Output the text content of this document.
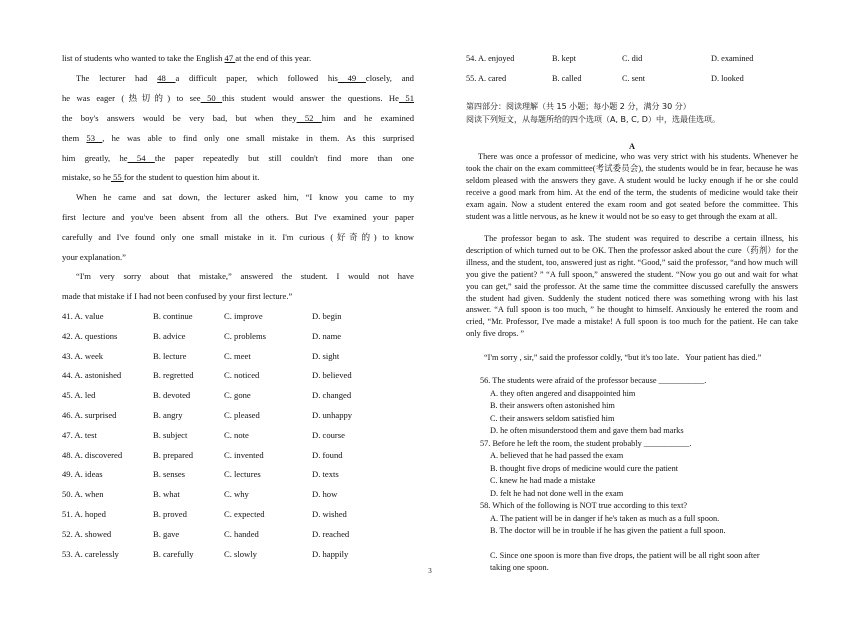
list of students who wanted to take the English 47 at the end of this year.
The lecturer had 48 a difficult paper, which followed his 49 closely, and
he was eager (热切的) to see 50 this student would answer the questions. He 51
the boy's answers would be very bad, but when they 52 him and he examined
them 53 , he was able to find only one small mistake in them. As this surprised
him greatly, he 54 the paper repeatedly but still couldn't find more than one
mistake, so he 55 for the student to question him about it.
When he came and sat down, the lecturer asked him, “I know you came to my
first lecture and you've been absent from all the others. But I've examined your paper
carefully and I've found only one small mistake in it. I'm curious (好奇的) to know
your explanation.”
“I'm very sorry about that mistake,” answered the student. I would not have
made that mistake if I had not been confused by your first lecture.”
41. A. value	B. continue	C. improve	D. begin
42. A. questions	B. advice	C. problems	D. name
43. A. week	B. lecture	C. meet	D. sight
44. A. astonished	B. regretted	C. noticed	D. believed
45. A. led	B. devoted	C. gone	D. changed
46. A. surprised	B. angry	C. pleased	D. unhappy
47. A. test	B. subject	C. note	D. course
48. A. discovered	B. prepared	C. invented	D. found
49. A. ideas	B. senses	C. lectures	D. texts
50. A. when	B. what	C. why	D. how
51. A. hoped	B. proved	C. expected	D. wished
52. A. showed	B. gave	C. handed	D. reached
53. A. carelessly	B. carefully	C. slowly	D. happily
54. A. enjoyed	B. kept	C. did	D. examined
55. A. cared	B. called	C. sent	D. looked
第四部分：阅读理解（共 15 小题；每小题 2 分，满分 30 分）
阅读下列短文，从每题所给的四个选项（A, B, C, D）中，选最佳选项。
A
There was once a professor of medicine, who was very strict with his students. Whenever he took the chair on the exam committee(考试委员会), the students would be in fear, because he was seldom pleased with the answers they gave. A student would be lucky enough if he or she could receive a good mark from him. At the end of the term, the students of medicine would take their exam again. Now a student entered the exam room and got seated before the committee. This student was a little nervous, as he knew it would not be so easy to get through the exam at all.
The professor began to ask. The student was required to describe a certain illness, his description of which turned out to be OK. Then the professor asked about the cure（药剂）for the illness, and the student, too, answered just as right. “Good,” said the professor, “and how much will you give the patient? ” “A full spoon,” answered the student. “Now you go out and wait for what you can get,” said the professor. At the same time the committee discussed carefully the answers the student had given. Suddenly the student noticed there was something wrong with his last answer. “A full spoon is too much, ” he thought to himself. Anxiously he entered the room and cried, “Mr. Professor, I've made a mistake! A full spoon is too much for the patient. He can take only five drops. ”
“I'm sorry , sir,” said the professor coldly, “but it's too late．Your patient has died.”
56. The students were afraid of the professor because ___________.
A. they often angered and disappointed him
B. their answers often astonished him
C. their answers seldom satisfied him
D. he often misunderstood them and gave them bad marks
57. Before he left the room, the student probably ___________.
A. believed that he had passed the exam
B. thought five drops of medicine would cure the patient
C. knew he had made a mistake
D. felt he had not done well in the exam
58. Which of the following is NOT true according to this text?
A. The patient will be in danger if he's taken as much as a full spoon.
B. The doctor will be in trouble if he has given the patient a full spoon.
C. Since one spoon is more than five drops, the patient will be all right soon after taking one spoon.
3
